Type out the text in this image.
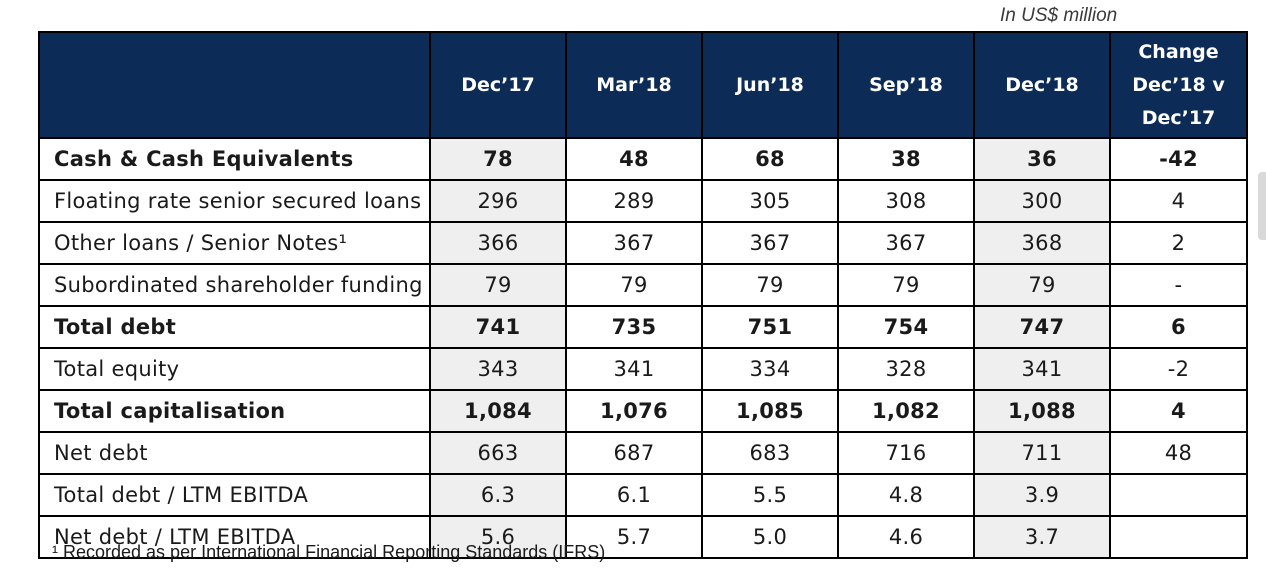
In US$ million
	Dec’17	Mar’18	Jun’18	Sep’18	Dec’18	Change
Dec’18 v
Dec’17
Cash & Cash Equivalents	78	48	68	38	36	-42
Floating rate senior secured loans	296	289	305	308	300	4
Other loans / Senior Notes¹	366	367	367	367	368	2
Subordinated shareholder funding	79	79	79	79	79	-
Total debt	741	735	751	754	747	6
Total equity	343	341	334	328	341	-2
Total capitalisation	1,084	1,076	1,085	1,082	1,088	4
Net debt	663	687	683	716	711	48
Total debt / LTM EBITDA	6.3	6.1	5.5	4.8	3.9	
Net debt / LTM EBITDA	5.6	5.7	5.0	4.6	3.7	
¹ Recorded as per International Financial Reporting Standards (IFRS)
